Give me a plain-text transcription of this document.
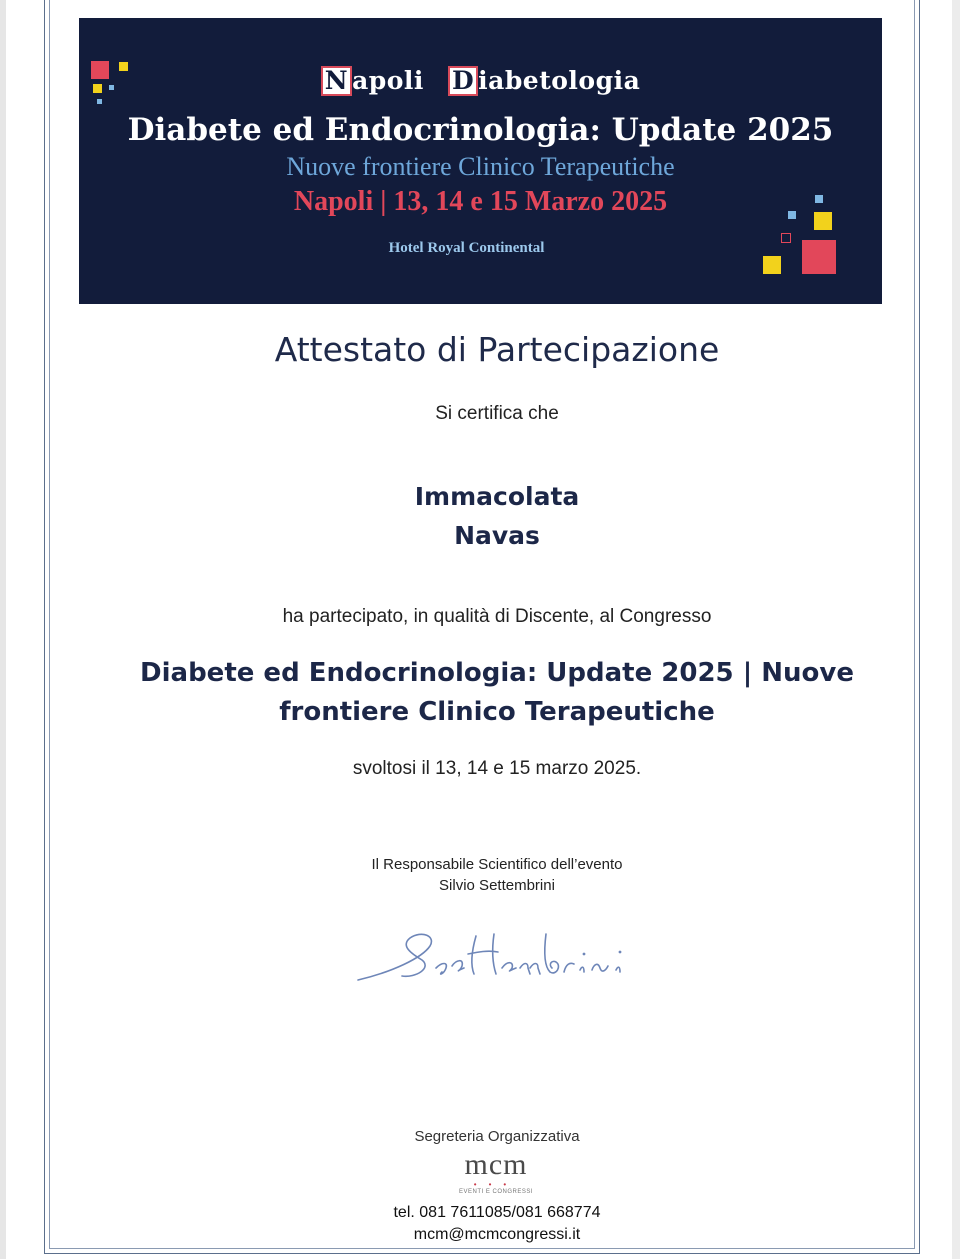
N apoli D iabetologia
Diabete ed Endocrinologia: Update 2025
Nuove frontiere Clinico Terapeutiche
Napoli | 13, 14 e 15 Marzo 2025
Hotel Royal Continental
Attestato di Partecipazione
Si certifica che
Immacolata
Navas
ha partecipato, in qualità di Discente, al Congresso
Diabete ed Endocrinologia: Update 2025 | Nuove frontiere Clinico Terapeutiche
svoltosi il 13, 14 e 15 marzo 2025.
Il Responsabile Scientifico dell’evento
Silvio Settembrini
Segreteria Organizzativa
mcm
•••
EVENTI E CONGRESSI
tel. 081 7611085/081 668774
mcm@mcmcongressi.it
